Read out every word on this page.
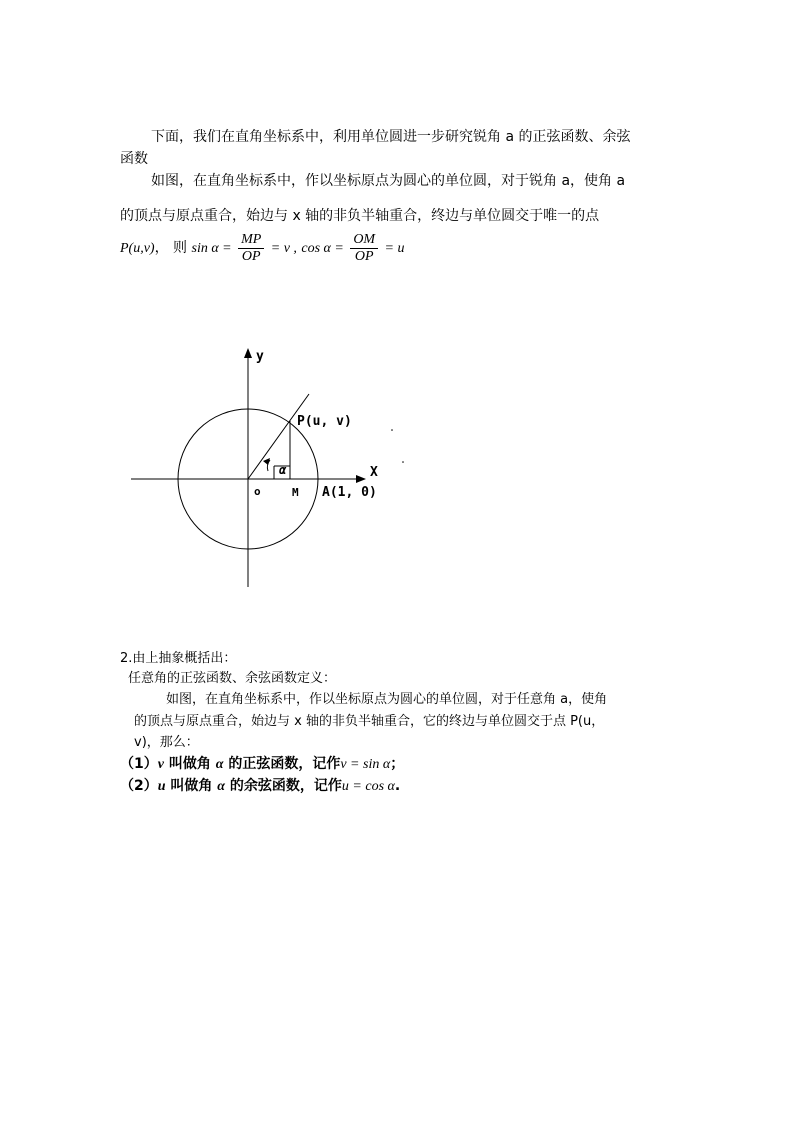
下面，我们在直角坐标系中，利用单位圆进一步研究锐角 a 的正弦函数、余弦
函数
如图，在直角坐标系中，作以坐标原点为圆心的单位圆，对于锐角 a，使角 a
的顶点与原点重合，始边与 x 轴的非负半轴重合，终边与单位圆交于唯一的点
P(u,v)， 则 $\sin \alpha = \frac{MP}{OP} = v$ , $\cos \alpha = \frac{OM}{OP} = u$
y
X
P(u, v)
o	M A(1, 0)
α
2.由上抽象概括出：
任意角的正弦函数、余弦函数定义：
如图，在直角坐标系中，作以坐标原点为圆心的单位圆，对于任意角 a，使角
的顶点与原点重合，始边与 x 轴的非负半轴重合，它的终边与单位圆交于点 P(u，
v)，那么：
（1）v 叫做角 α 的正弦函数，记作v = sin α；
（2）u 叫做角 α 的余弦函数，记作u = cos α.
